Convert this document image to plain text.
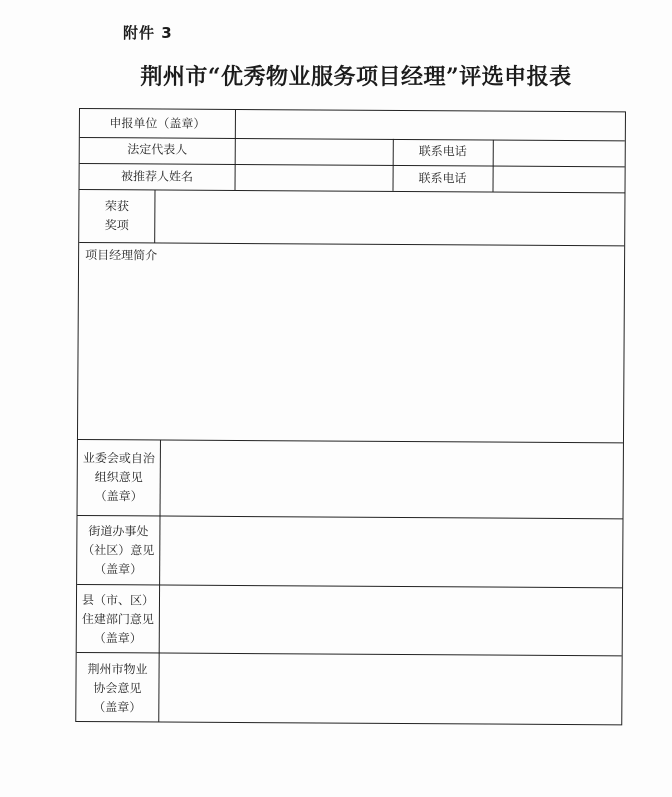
附件 3
荆州市“优秀物业服务项目经理”评选申报表
申报单位（盖章）
法定代表人	联系电话
被推荐人姓名	联系电话
荣获
奖项
项目经理简介
业委会或自治
组织意见
（盖章）
街道办事处
（社区）意见
（盖章）
县（市、区）
住建部门意见
（盖章）
荆州市物业
协会意见
（盖章）
